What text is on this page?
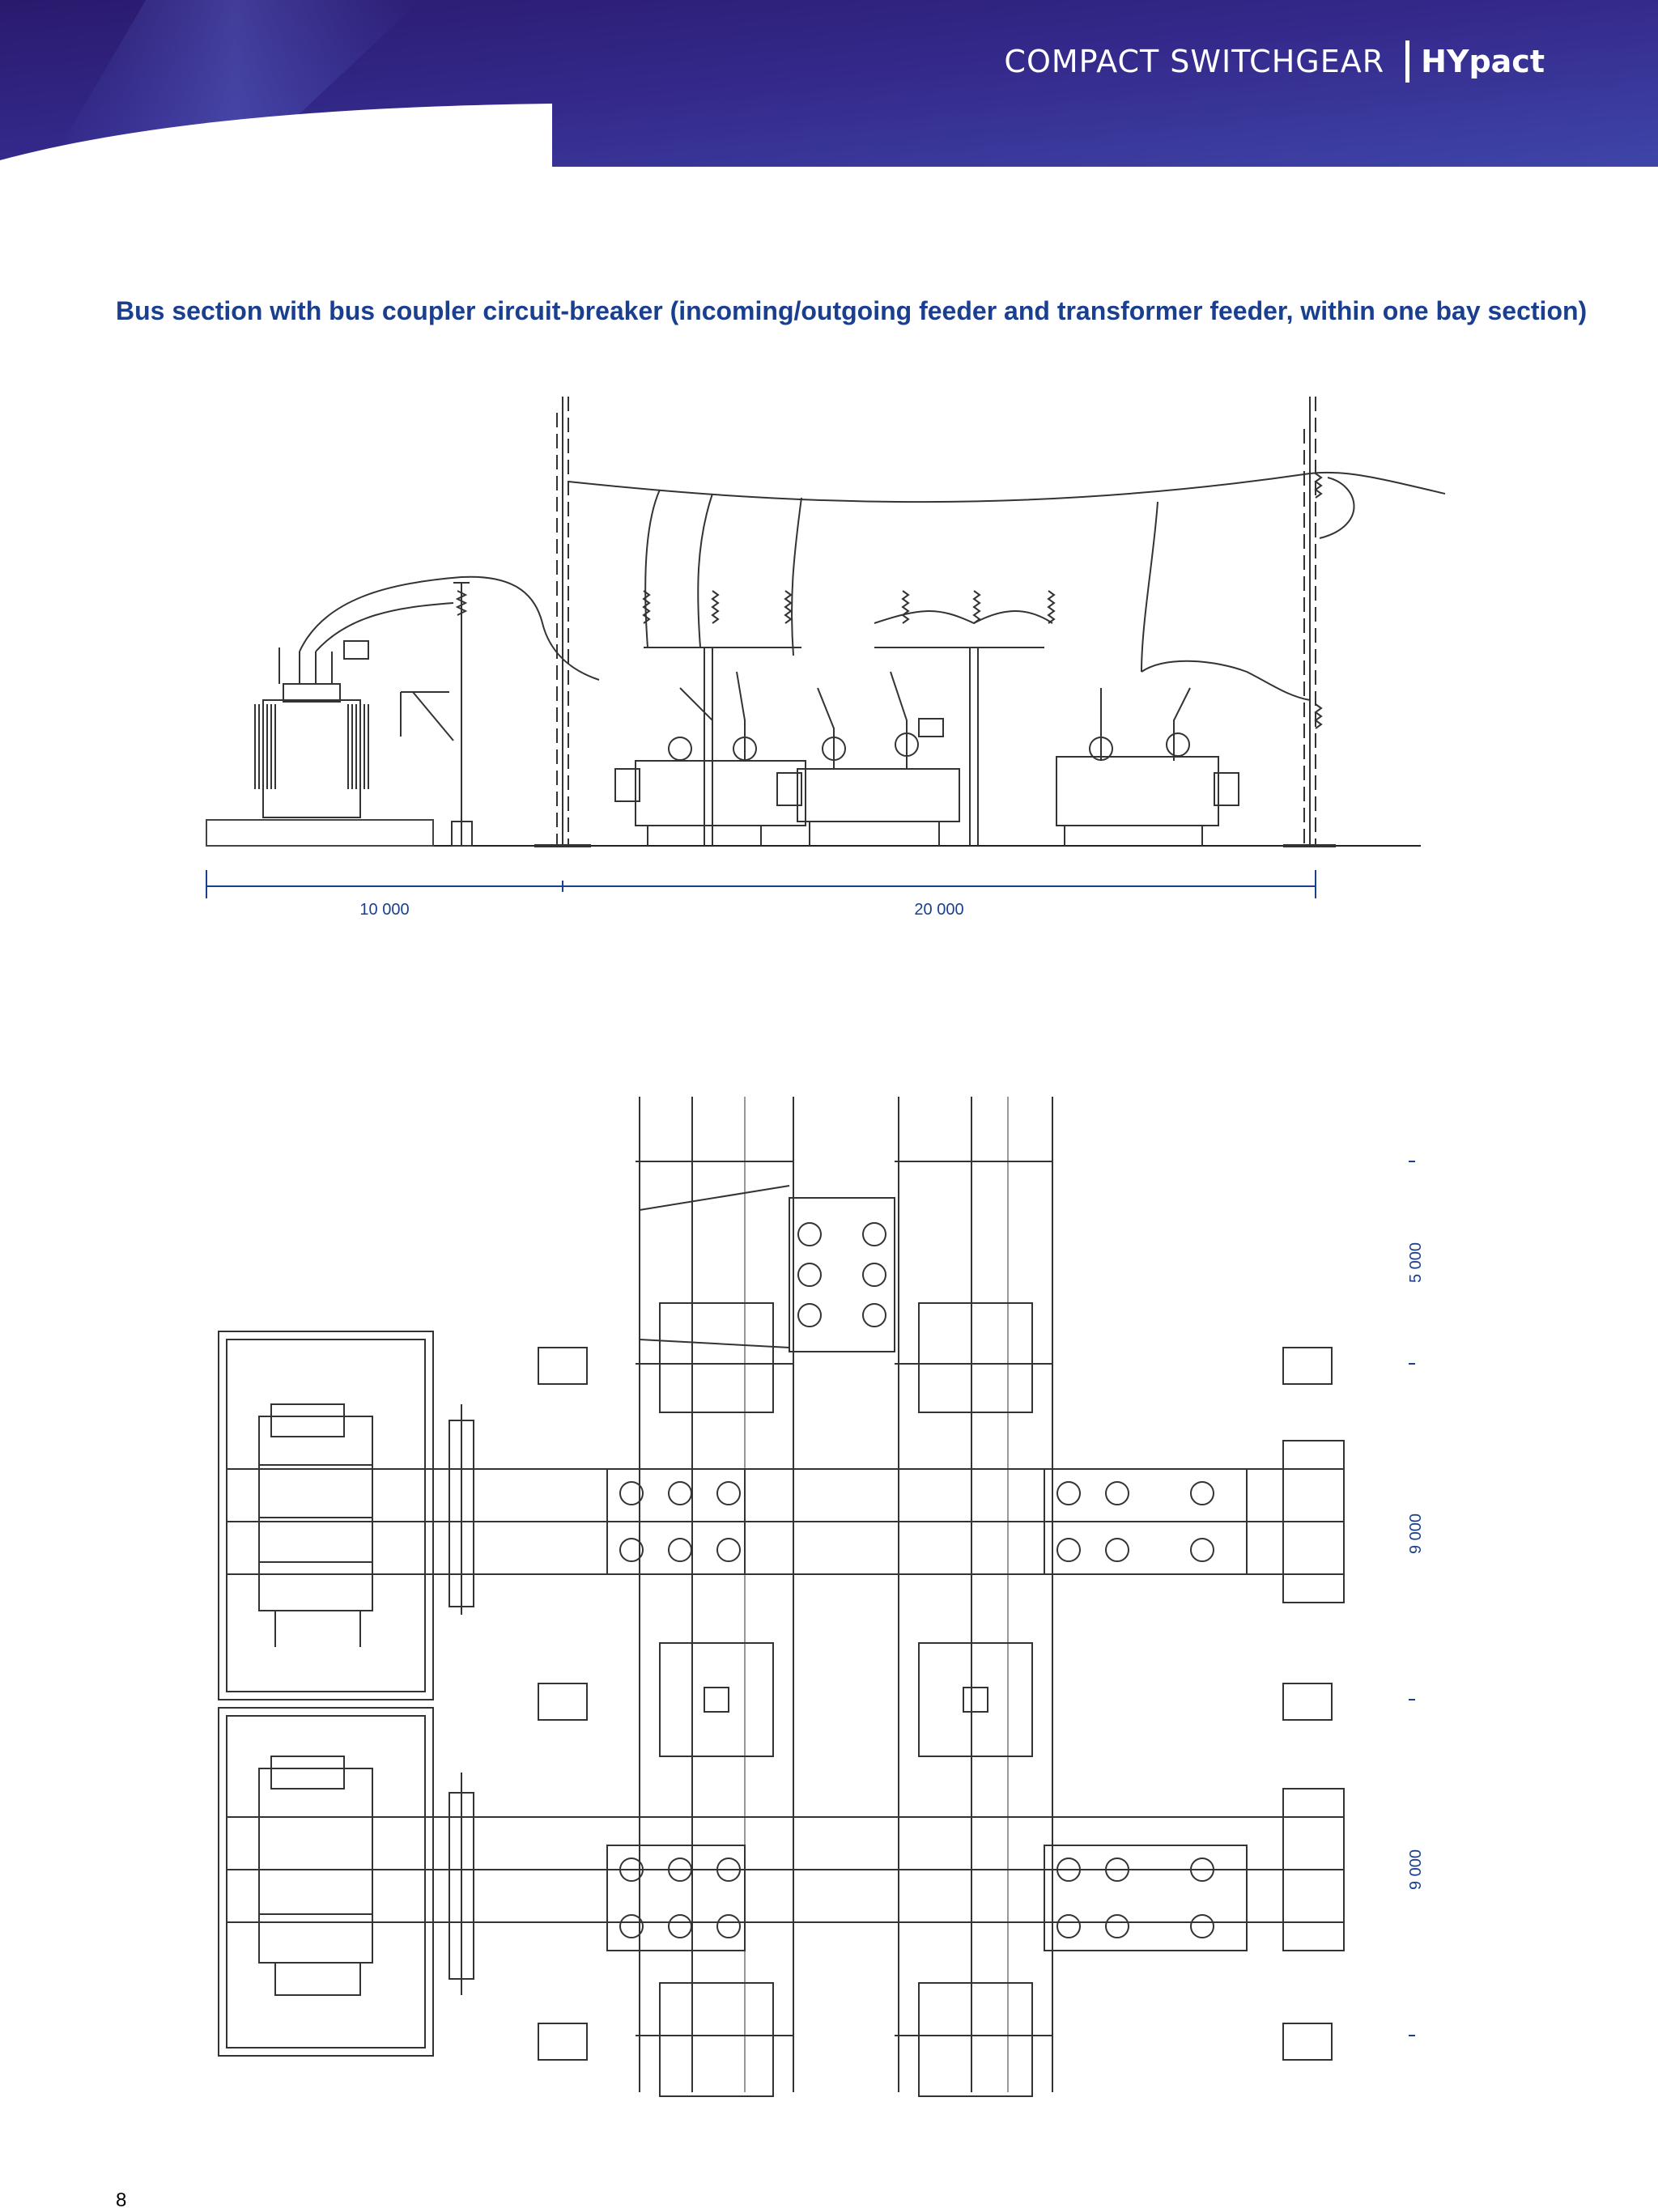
COMPACT SWITCHGEAR HYpact
Bus section with bus coupler circuit-breaker (incoming/outgoing feeder and transformer feeder, within one bay section)
10 000	20 000
5 000
9 000
9 000
8
